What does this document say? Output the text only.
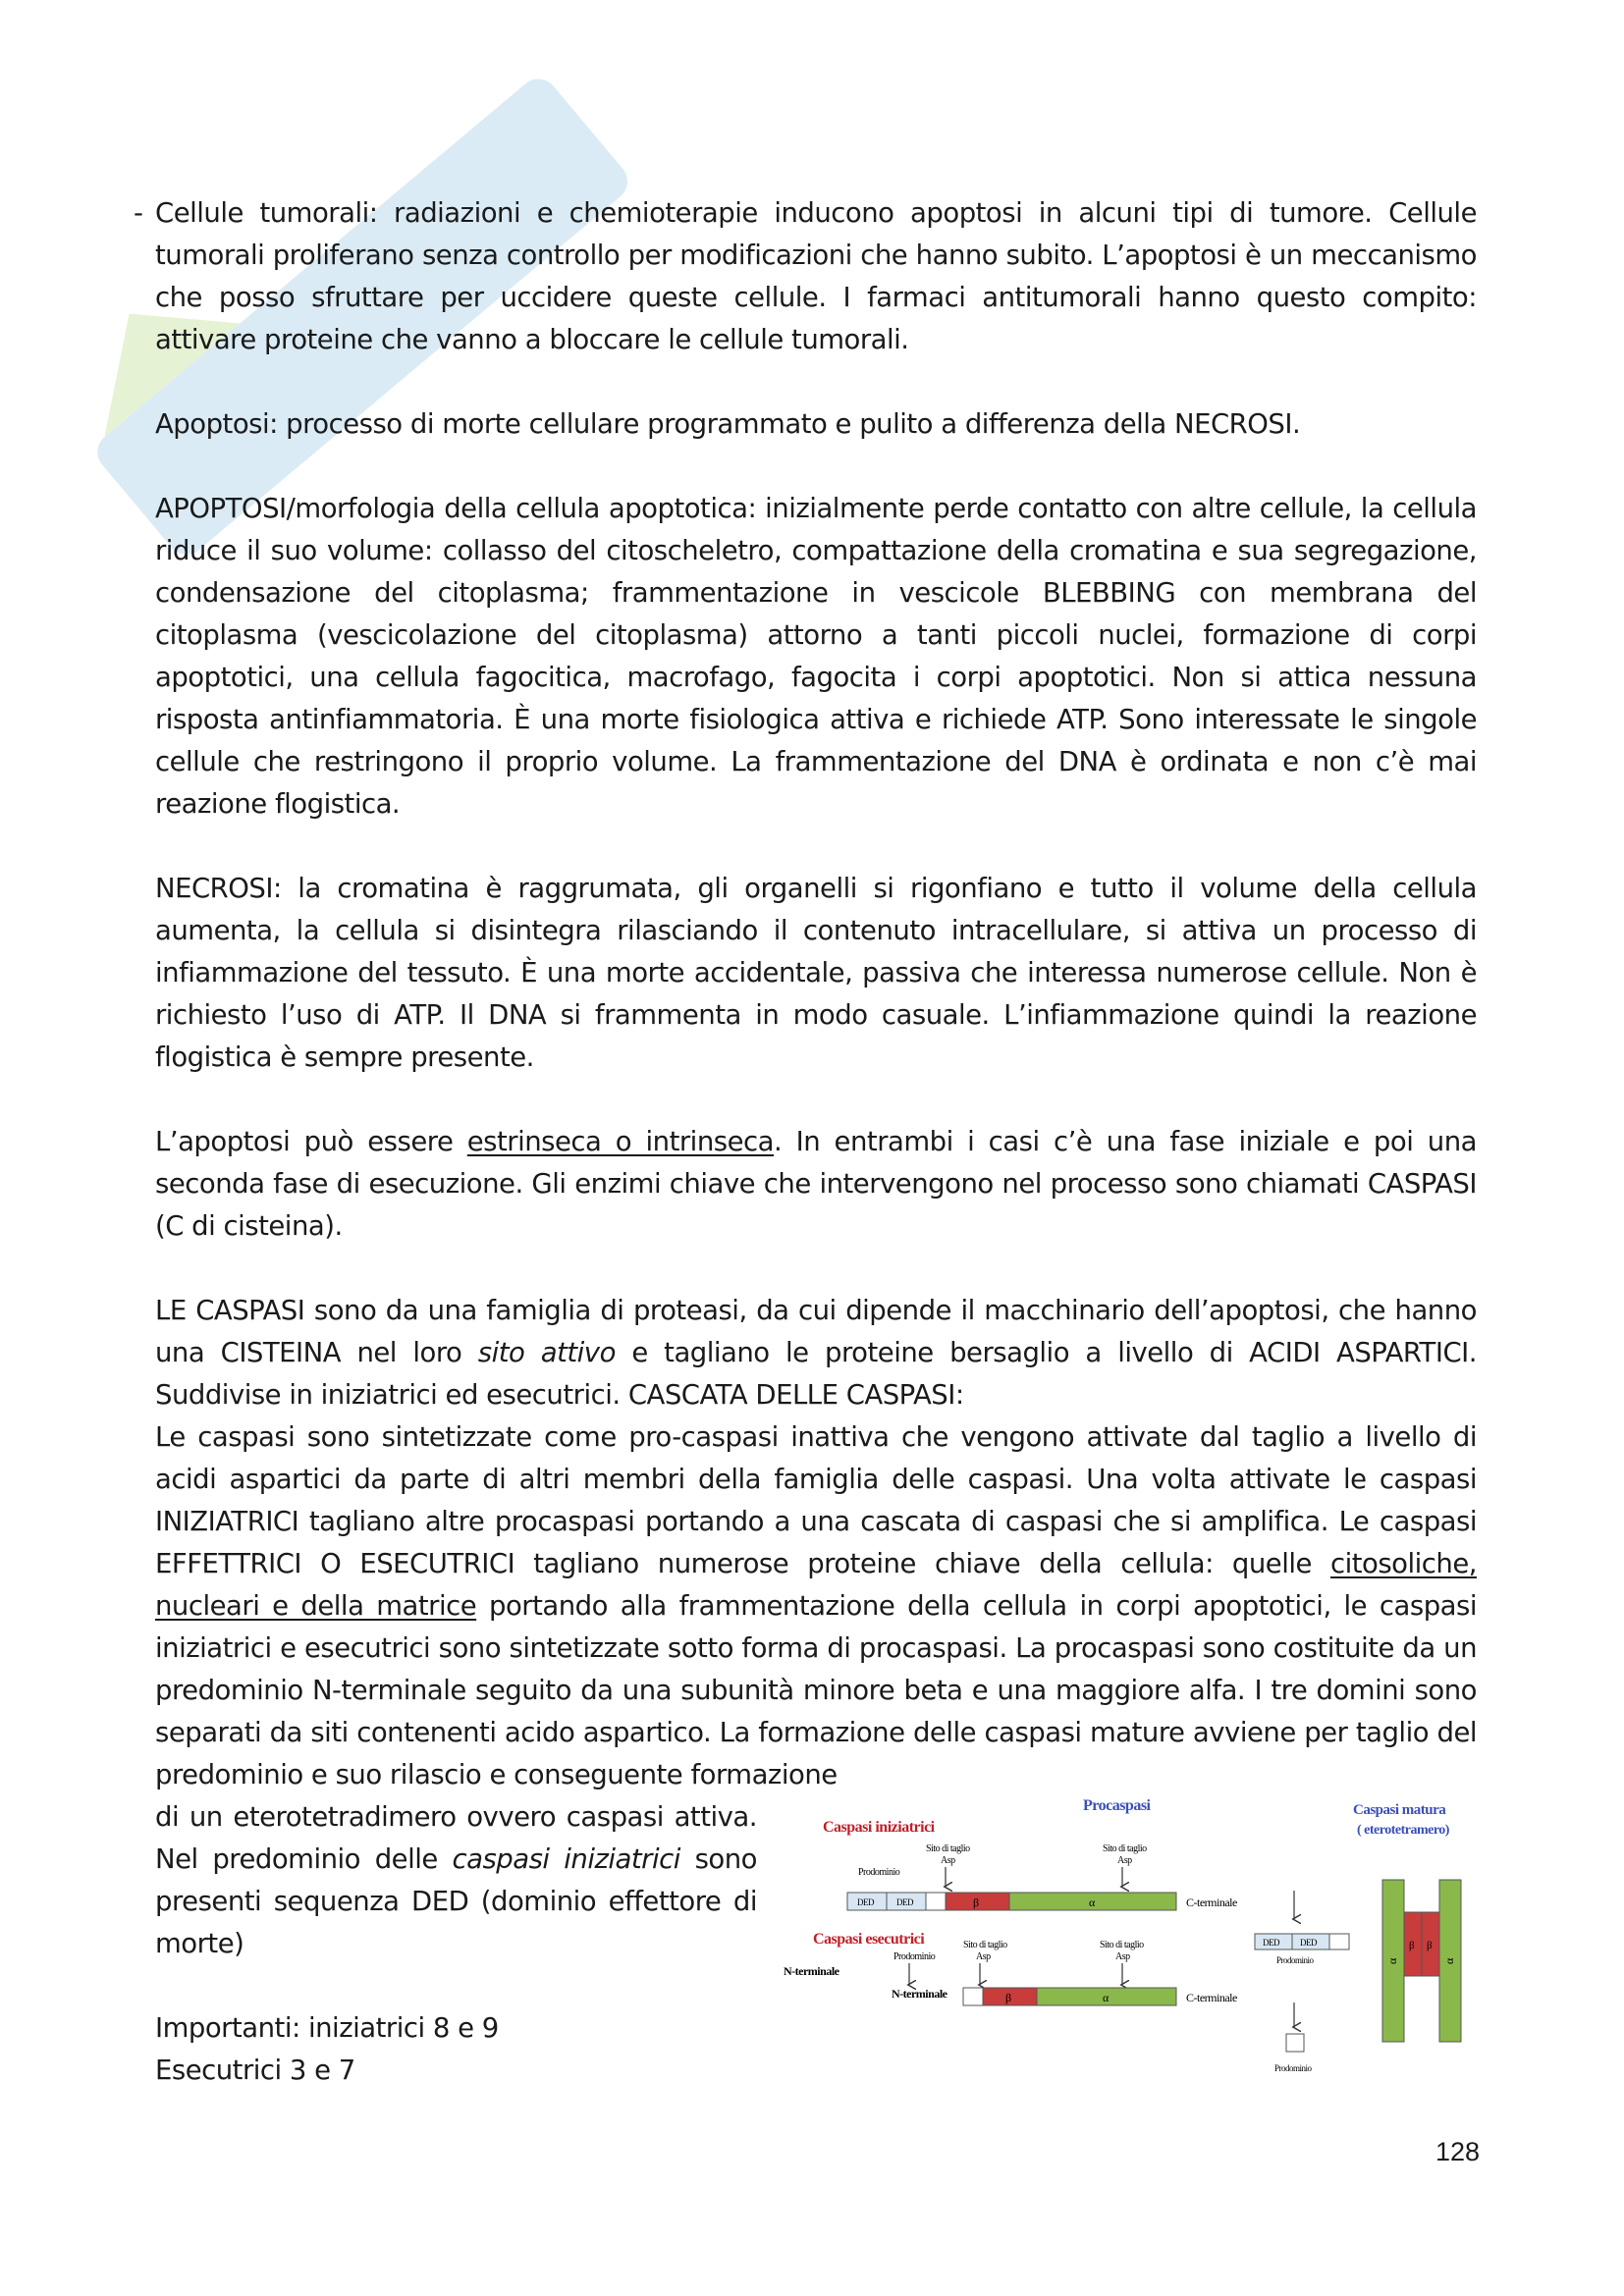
- Cellule tumorali: radiazioni e chemioterapie inducono apoptosi in alcuni tipi di tumore. Cellule tumorali proliferano senza controllo per modificazioni che hanno subito. L’apoptosi è un meccanismo che posso sfruttare per uccidere queste cellule. I farmaci antitumorali hanno questo compito: attivare proteine che vanno a bloccare le cellule tumorali.

Apoptosi: processo di morte cellulare programmato e pulito a differenza della NECROSI.

APOPTOSI/morfologia della cellula apoptotica: inizialmente perde contatto con altre cellule, la cellula riduce il suo volume: collasso del citoscheletro, compattazione della cromatina e sua segregazione, condensazione del citoplasma; frammentazione in vescicole BLEBBING con membrana del citoplasma (vescicolazione del citoplasma) attorno a tanti piccoli nuclei, formazione di corpi apoptotici, una cellula fagocitica, macrofago, fagocita i corpi apoptotici. Non si attica nessuna risposta antinfiammatoria. È una morte fisiologica attiva e richiede ATP. Sono interessate le singole cellule che restringono il proprio volume. La frammentazione del DNA è ordinata e non c’è mai reazione flogistica.

NECROSI: la cromatina è raggrumata, gli organelli si rigonfiano e tutto il volume della cellula aumenta, la cellula si disintegra rilasciando il contenuto intracellulare, si attiva un processo di infiammazione del tessuto. È una morte accidentale, passiva che interessa numerose cellule. Non è richiesto l’uso di ATP. Il DNA si frammenta in modo casuale. L’infiammazione quindi la reazione flogistica è sempre presente.

L’apoptosi può essere estrinseca o intrinseca. In entrambi i casi c’è una fase iniziale e poi una seconda fase di esecuzione. Gli enzimi chiave che intervengono nel processo sono chiamati CASPASI (C di cisteina).

LE CASPASI sono da una famiglia di proteasi, da cui dipende il macchinario dell’apoptosi, che hanno una CISTEINA nel loro sito attivo e tagliano le proteine bersaglio a livello di ACIDI ASPARTICI. Suddivise in iniziatrici ed esecutrici. CASCATA DELLE CASPASI:

Le caspasi sono sintetizzate come pro-caspasi inattiva che vengono attivate dal taglio a livello di acidi aspartici da parte di altri membri della famiglia delle caspasi. Una volta attivate le caspasi INIZIATRICI tagliano altre procaspasi portando a una cascata di caspasi che si amplifica. Le caspasi EFFETTRICI O ESECUTRICI tagliano numerose proteine chiave della cellula: quelle citosoliche, nucleari e della matrice portando alla frammentazione della cellula in corpi apoptotici, le caspasi iniziatrici e esecutrici sono sintetizzate sotto forma di procaspasi. La procaspasi sono costituite da un predominio N-terminale seguito da una subunità minore beta e una maggiore alfa. I tre domini sono separati da siti contenenti acido aspartico. La formazione delle caspasi mature avviene per taglio del predominio e suo rilascio e conseguente formazione

di un eterotetradimero ovvero caspasi attiva. Nel predominio delle caspasi iniziatrici sono presenti sequenza DED (dominio effettore di morte)

Importanti: iniziatrici 8 e 9

Esecutrici 3 e 7

Procaspasi
Caspasi iniziatrici
Caspasi matura
( eterotetramero)
Sito di taglio
Asp
Sito di taglio
Asp
Prodominio
DED	DED	β	α	C-terminale
Caspasi esecutrici	Sito di taglio
Asp
Sito di taglio
Asp
Prodominio
N-terminale
N-terminale	β	α	C-terminale
DED DED
Prodominio
Prodominio
α
β β
α
128
